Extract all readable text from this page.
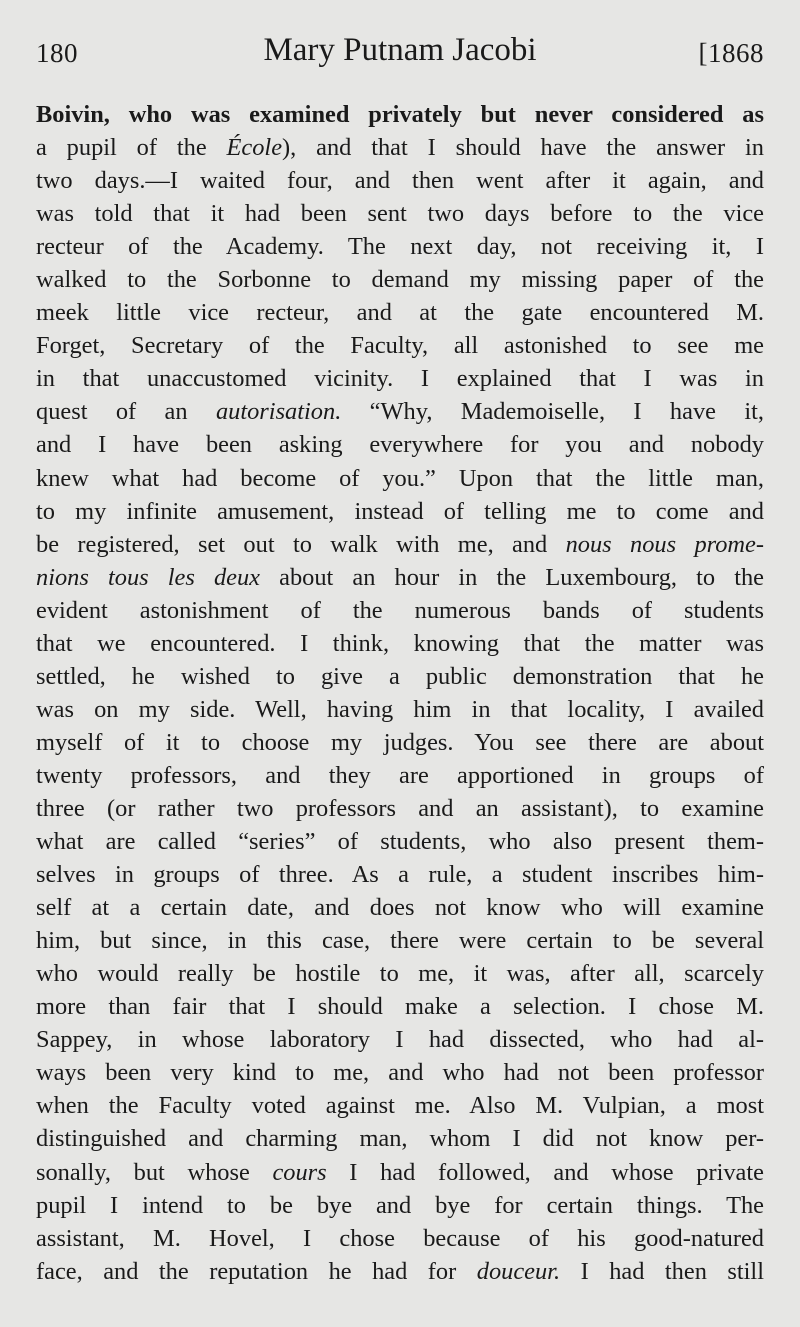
180	Mary Putnam Jacobi	[1868
Boivin, who was examined privately but never considered as
a pupil of the École), and that I should have the answer in
two days.—I waited four, and then went after it again, and
was told that it had been sent two days before to the vice
recteur of the Academy. The next day, not receiving it, I
walked to the Sorbonne to demand my missing paper of the
meek little vice recteur, and at the gate encountered M.
Forget, Secretary of the Faculty, all astonished to see me
in that unaccustomed vicinity. I explained that I was in
quest of an autorisation. “Why, Mademoiselle, I have it,
and I have been asking everywhere for you and nobody
knew what had become of you.” Upon that the little man,
to my infinite amusement, instead of telling me to come and
be registered, set out to walk with me, and nous nous prome-
nions tous les deux about an hour in the Luxembourg, to the
evident astonishment of the numerous bands of students
that we encountered. I think, knowing that the matter was
settled, he wished to give a public demonstration that he
was on my side. Well, having him in that locality, I availed
myself of it to choose my judges. You see there are about
twenty professors, and they are apportioned in groups of
three (or rather two professors and an assistant), to examine
what are called “series” of students, who also present them-
selves in groups of three. As a rule, a student inscribes him-
self at a certain date, and does not know who will examine
him, but since, in this case, there were certain to be several
who would really be hostile to me, it was, after all, scarcely
more than fair that I should make a selection. I chose M.
Sappey, in whose laboratory I had dissected, who had al-
ways been very kind to me, and who had not been professor
when the Faculty voted against me. Also M. Vulpian, a most
distinguished and charming man, whom I did not know per-
sonally, but whose cours I had followed, and whose private
pupil I intend to be bye and bye for certain things. The
assistant, M. Hovel, I chose because of his good-natured
face, and the reputation he had for douceur. I had then still
